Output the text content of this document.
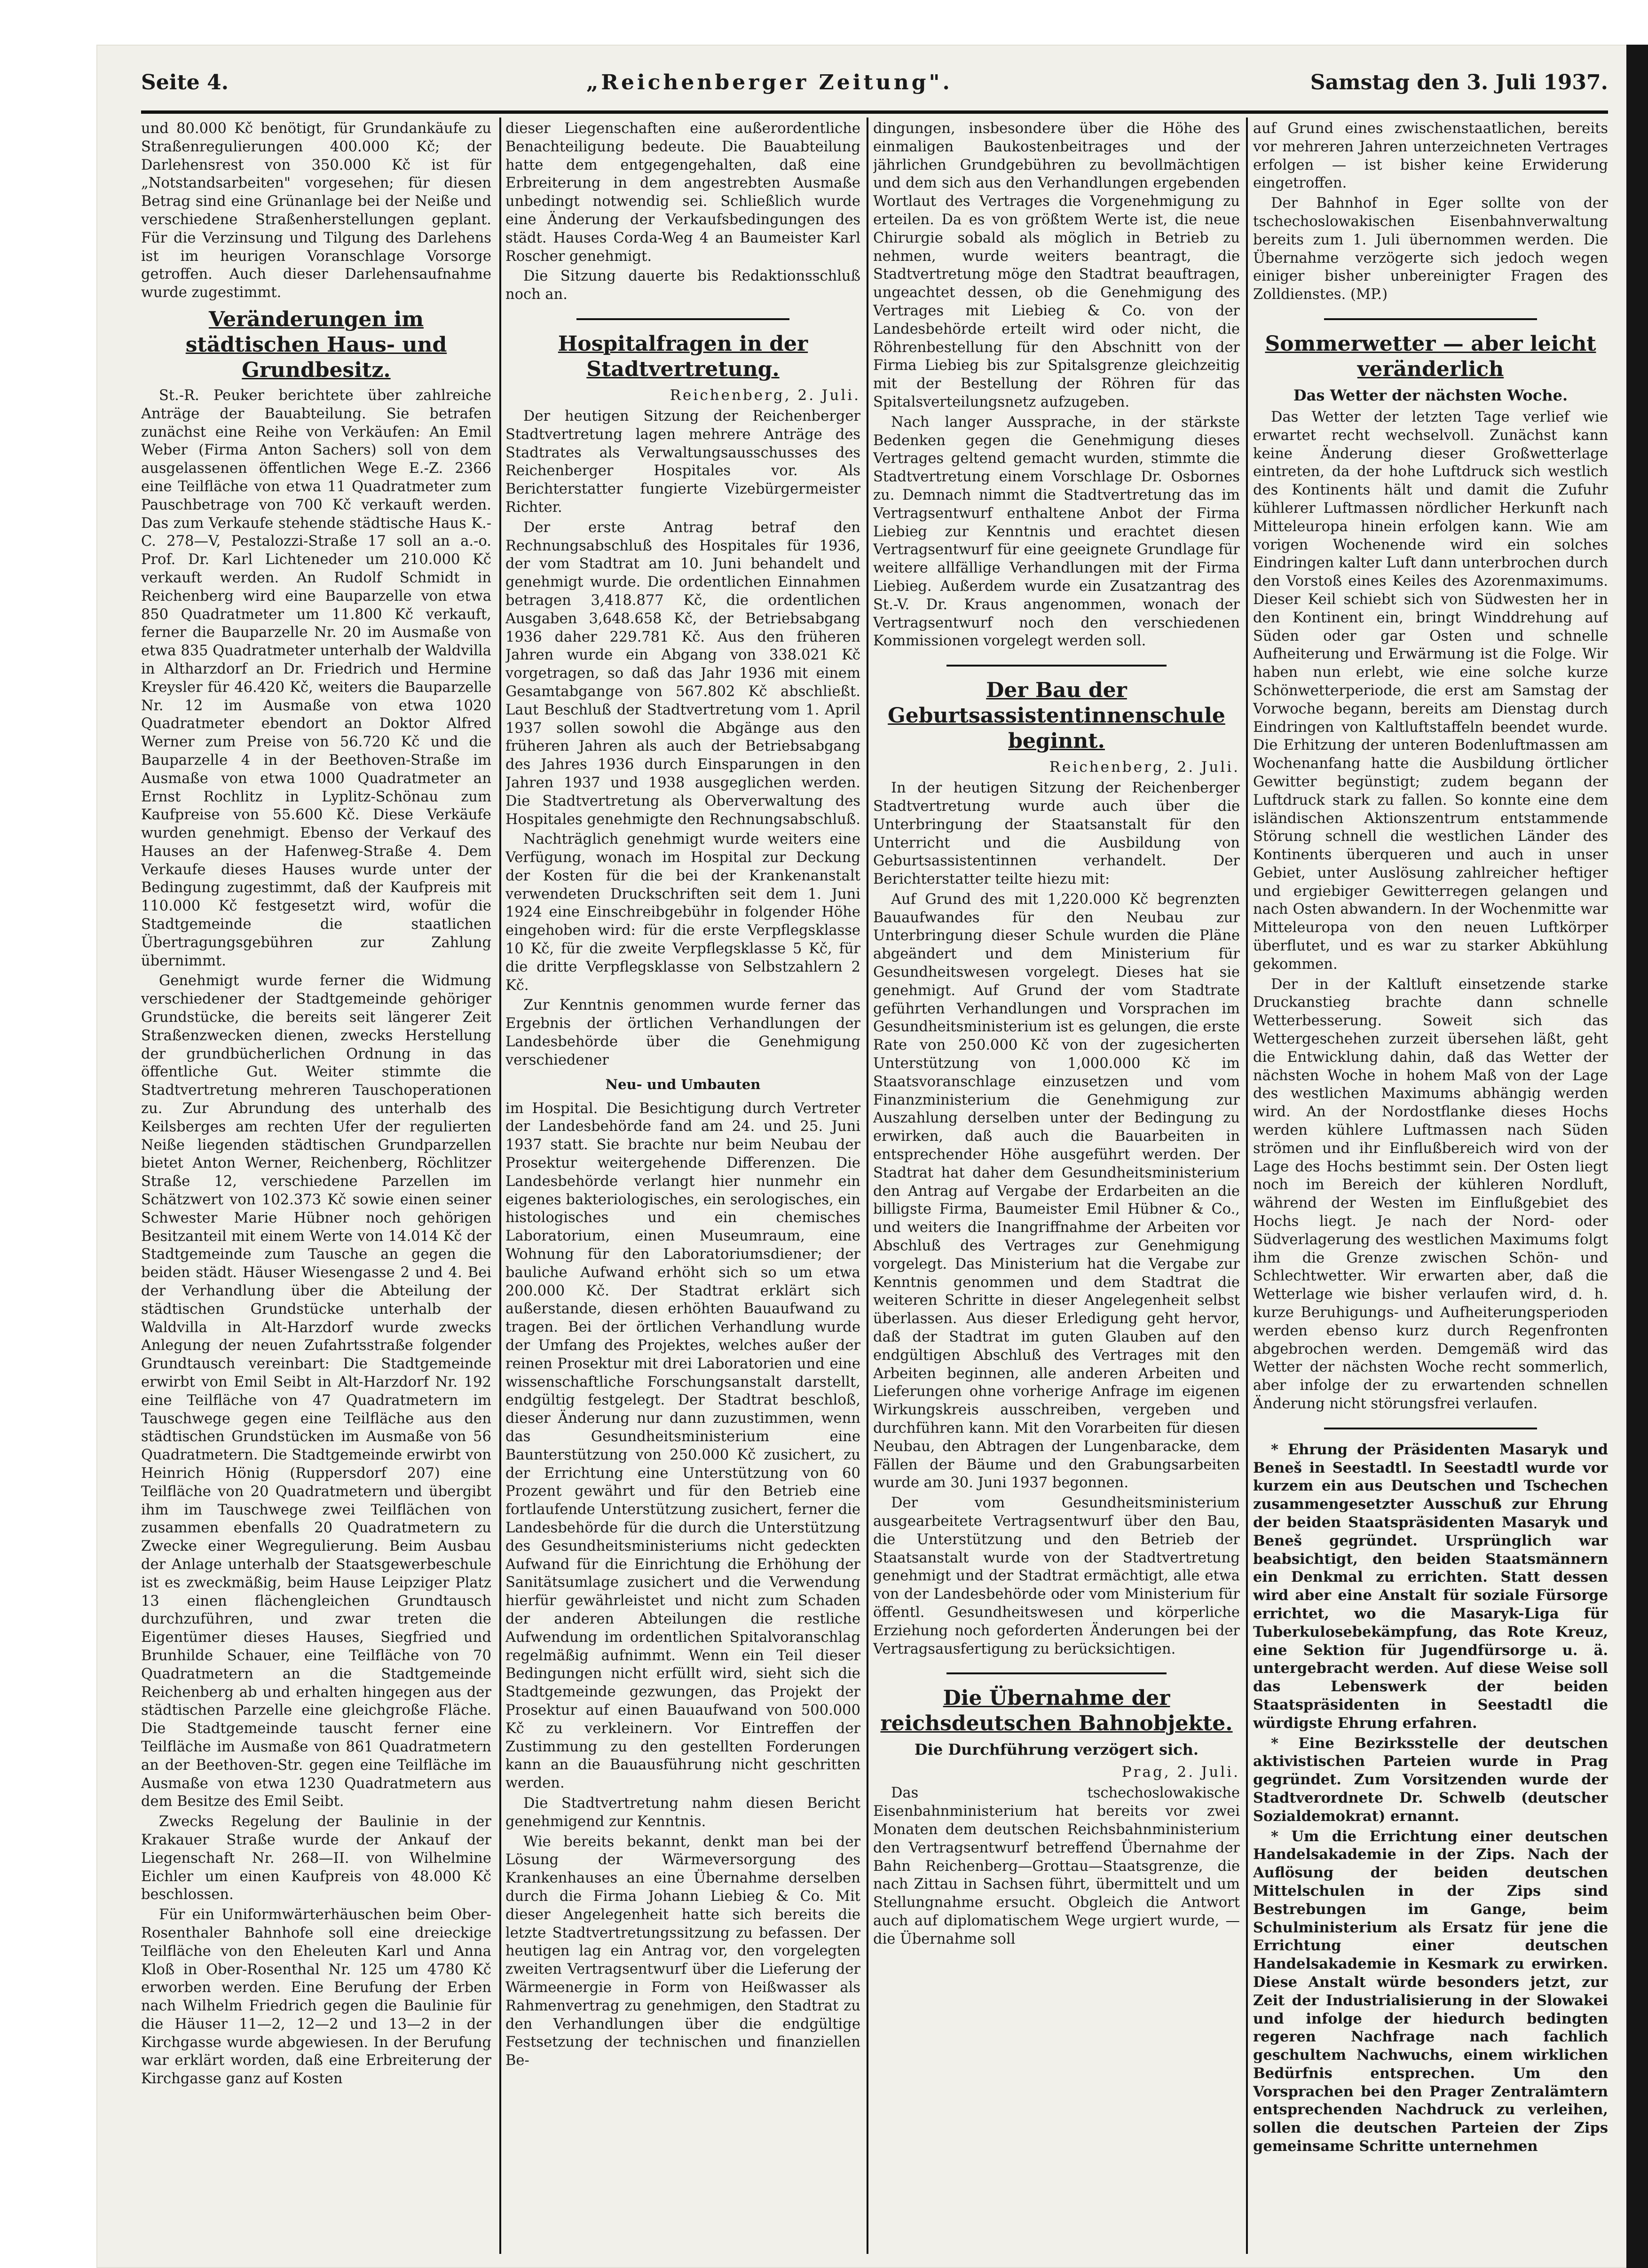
Seite 4.	„Reichenberger Zeitung".	Samstag den 3. Juli 1937.

und 80.000 Kč benötigt, für Grundankäufe zu Straßenregulierungen 400.000 Kč; der Darlehensrest von 350.000 Kč ist für „Notstandsarbeiten" vorgesehen; für diesen Betrag sind eine Grünanlage bei der Neiße und verschiedene Straßenherstellungen geplant. Für die Verzinsung und Tilgung des Darlehens ist im heurigen Voranschlage Vorsorge getroffen. Auch dieser Darlehensaufnahme wurde zugestimmt.

Veränderungen im städtischen Haus- und Grundbesitz.

St.-R. Peuker berichtete über zahlreiche Anträge der Bauabteilung. Sie betrafen zunächst eine Reihe von Verkäufen: An Emil Weber (Firma Anton Sachers) soll von dem ausgelassenen öffentlichen Wege E.-Z. 2366 eine Teilfläche von etwa 11 Quadratmeter zum Pauschbetrage von 700 Kč verkauft werden. Das zum Verkaufe stehende städtische Haus K.-C. 278—V, Pestalozzi-Straße 17 soll an a.-o. Prof. Dr. Karl Lichteneder um 210.000 Kč verkauft werden. An Rudolf Schmidt in Reichenberg wird eine Bauparzelle von etwa 850 Quadratmeter um 11.800 Kč verkauft, ferner die Bauparzelle Nr. 20 im Ausmaße von etwa 835 Quadratmeter unterhalb der Waldvilla in Altharzdorf an Dr. Friedrich und Hermine Kreysler für 46.420 Kč, weiters die Bauparzelle Nr. 12 im Ausmaße von etwa 1020 Quadratmeter ebendort an Doktor Alfred Werner zum Preise von 56.720 Kč und die Bauparzelle 4 in der Beethoven-Straße im Ausmaße von etwa 1000 Quadratmeter an Ernst Rochlitz in Lyplitz-Schönau zum Kaufpreise von 55.600 Kč. Diese Verkäufe wurden genehmigt. Ebenso der Verkauf des Hauses an der Hafenweg-Straße 4. Dem Verkaufe dieses Hauses wurde unter der Bedingung zugestimmt, daß der Kaufpreis mit 110.000 Kč festgesetzt wird, wofür die Stadtgemeinde die staatlichen Übertragungsgebühren zur Zahlung übernimmt.

Genehmigt wurde ferner die Widmung verschiedener der Stadtgemeinde gehöriger Grundstücke, die bereits seit längerer Zeit Straßenzwecken dienen, zwecks Herstellung der grundbücherlichen Ordnung in das öffentliche Gut. Weiter stimmte die Stadtvertretung mehreren Tauschoperationen zu. Zur Abrundung des unterhalb des Keilsberges am rechten Ufer der regulierten Neiße liegenden städtischen Grundparzellen bietet Anton Werner, Reichenberg, Röchlitzer Straße 12, verschiedene Parzellen im Schätzwert von 102.373 Kč sowie einen seiner Schwester Marie Hübner noch gehörigen Besitzanteil mit einem Werte von 14.014 Kč der Stadtgemeinde zum Tausche an gegen die beiden städt. Häuser Wiesengasse 2 und 4. Bei der Verhandlung über die Abteilung der städtischen Grundstücke unterhalb der Waldvilla in Alt-Harzdorf wurde zwecks Anlegung der neuen Zufahrtsstraße folgender Grundtausch vereinbart: Die Stadtgemeinde erwirbt von Emil Seibt in Alt-Harzdorf Nr. 192 eine Teilfläche von 47 Quadratmetern im Tauschwege gegen eine Teilfläche aus den städtischen Grundstücken im Ausmaße von 56 Quadratmetern. Die Stadtgemeinde erwirbt von Heinrich Hönig (Ruppersdorf 207) eine Teilfläche von 20 Quadratmetern und übergibt ihm im Tauschwege zwei Teilflächen von zusammen ebenfalls 20 Quadratmetern zu Zwecke einer Wegregulierung. Beim Ausbau der Anlage unterhalb der Staatsgewerbeschule ist es zweckmäßig, beim Hause Leipziger Platz 13 einen flächengleichen Grundtausch durchzuführen, und zwar treten die Eigentümer dieses Hauses, Siegfried und Brunhilde Schauer, eine Teilfläche von 70 Quadratmetern an die Stadtgemeinde Reichenberg ab und erhalten hingegen aus der städtischen Parzelle eine gleichgroße Fläche. Die Stadtgemeinde tauscht ferner eine Teilfläche im Ausmaße von 861 Quadratmetern an der Beethoven-Str. gegen eine Teilfläche im Ausmaße von etwa 1230 Quadratmetern aus dem Besitze des Emil Seibt.

Zwecks Regelung der Baulinie in der Krakauer Straße wurde der Ankauf der Liegenschaft Nr. 268—II. von Wilhelmine Eichler um einen Kaufpreis von 48.000 Kč beschlossen.

Für ein Uniformwärterhäuschen beim Ober-Rosenthaler Bahnhofe soll eine dreieckige Teilfläche von den Eheleuten Karl und Anna Kloß in Ober-Rosenthal Nr. 125 um 4780 Kč erworben werden. Eine Berufung der Erben nach Wilhelm Friedrich gegen die Baulinie für die Häuser 11—2, 12—2 und 13—2 in der Kirchgasse wurde abgewiesen. In der Berufung war erklärt worden, daß eine Erbreiterung der Kirchgasse ganz auf Kosten

dieser Liegenschaften eine außerordentliche Benachteiligung bedeute. Die Bauabteilung hatte dem entgegengehalten, daß eine Erbreiterung in dem angestrebten Ausmaße unbedingt notwendig sei. Schließlich wurde eine Änderung der Verkaufsbedingungen des städt. Hauses Corda-Weg 4 an Baumeister Karl Roscher genehmigt.

Die Sitzung dauerte bis Redaktionsschluß noch an.

Hospitalfragen in der Stadtvertretung.
Reichenberg, 2. Juli.

Der heutigen Sitzung der Reichenberger Stadtvertretung lagen mehrere Anträge des Stadtrates als Verwaltungsausschusses des Reichenberger Hospitales vor. Als Berichterstatter fungierte Vizebürgermeister Richter.

Der erste Antrag betraf den Rechnungsabschluß des Hospitales für 1936, der vom Stadtrat am 10. Juni behandelt und genehmigt wurde. Die ordentlichen Einnahmen betragen 3,418.877 Kč, die ordentlichen Ausgaben 3,648.658 Kč, der Betriebsabgang 1936 daher 229.781 Kč. Aus den früheren Jahren wurde ein Abgang von 338.021 Kč vorgetragen, so daß das Jahr 1936 mit einem Gesamtabgange von 567.802 Kč abschließt. Laut Beschluß der Stadtvertretung vom 1. April 1937 sollen sowohl die Abgänge aus den früheren Jahren als auch der Betriebsabgang des Jahres 1936 durch Einsparungen in den Jahren 1937 und 1938 ausgeglichen werden. Die Stadtvertretung als Oberverwaltung des Hospitales genehmigte den Rechnungsabschluß.

Nachträglich genehmigt wurde weiters eine Verfügung, wonach im Hospital zur Deckung der Kosten für die bei der Krankenanstalt verwendeten Druckschriften seit dem 1. Juni 1924 eine Einschreibgebühr in folgender Höhe eingehoben wird: für die erste Verpflegsklasse 10 Kč, für die zweite Verpflegsklasse 5 Kč, für die dritte Verpflegsklasse von Selbstzahlern 2 Kč.

Zur Kenntnis genommen wurde ferner das Ergebnis der örtlichen Verhandlungen der Landesbehörde über die Genehmigung verschiedener

Neu- und Umbauten

im Hospital. Die Besichtigung durch Vertreter der Landesbehörde fand am 24. und 25. Juni 1937 statt. Sie brachte nur beim Neubau der Prosektur weitergehende Differenzen. Die Landesbehörde verlangt hier nunmehr ein eigenes bakteriologisches, ein serologisches, ein histologisches und ein chemisches Laboratorium, einen Museumraum, eine Wohnung für den Laboratoriumsdiener; der bauliche Aufwand erhöht sich so um etwa 200.000 Kč. Der Stadtrat erklärt sich außerstande, diesen erhöhten Bauaufwand zu tragen. Bei der örtlichen Verhandlung wurde der Umfang des Projektes, welches außer der reinen Prosektur mit drei Laboratorien und eine wissenschaftliche Forschungsanstalt darstellt, endgültig festgelegt. Der Stadtrat beschloß, dieser Änderung nur dann zuzustimmen, wenn das Gesundheitsministerium eine Baunterstützung von 250.000 Kč zusichert, zu der Errichtung eine Unterstützung von 60 Prozent gewährt und für den Betrieb eine fortlaufende Unterstützung zusichert, ferner die Landesbehörde für die durch die Unterstützung des Gesundheitsministeriums nicht gedeckten Aufwand für die Einrichtung die Erhöhung der Sanitätsumlage zusichert und die Verwendung hierfür gewährleistet und nicht zum Schaden der anderen Abteilungen die restliche Aufwendung im ordentlichen Spitalvoranschlag regelmäßig aufnimmt. Wenn ein Teil dieser Bedingungen nicht erfüllt wird, sieht sich die Stadtgemeinde gezwungen, das Projekt der Prosektur auf einen Bauaufwand von 500.000 Kč zu verkleinern. Vor Eintreffen der Zustimmung zu den gestellten Forderungen kann an die Bauausführung nicht geschritten werden.

Die Stadtvertretung nahm diesen Bericht genehmigend zur Kenntnis.

Wie bereits bekannt, denkt man bei der Lösung der Wärmeversorgung des Krankenhauses an eine Übernahme derselben durch die Firma Johann Liebieg & Co. Mit dieser Angelegenheit hatte sich bereits die letzte Stadtvertretungssitzung zu befassen. Der heutigen lag ein Antrag vor, den vorgelegten zweiten Vertragsentwurf über die Lieferung der Wärmeenergie in Form von Heißwasser als Rahmenvertrag zu genehmigen, den Stadtrat zu den Verhandlungen über die endgültige Festsetzung der technischen und finanziellen Be-

dingungen, insbesondere über die Höhe des einmaligen Baukostenbeitrages und der jährlichen Grundgebühren zu bevollmächtigen und dem sich aus den Verhandlungen ergebenden Wortlaut des Vertrages die Vorgenehmigung zu erteilen. Da es von größtem Werte ist, die neue Chirurgie sobald als möglich in Betrieb zu nehmen, wurde weiters beantragt, die Stadtvertretung möge den Stadtrat beauftragen, ungeachtet dessen, ob die Genehmigung des Vertrages mit Liebieg & Co. von der Landesbehörde erteilt wird oder nicht, die Röhrenbestellung für den Abschnitt von der Firma Liebieg bis zur Spitalsgrenze gleichzeitig mit der Bestellung der Röhren für das Spitalsverteilungsnetz aufzugeben.

Nach langer Aussprache, in der stärkste Bedenken gegen die Genehmigung dieses Vertrages geltend gemacht wurden, stimmte die Stadtvertretung einem Vorschlage Dr. Osbornes zu. Demnach nimmt die Stadtvertretung das im Vertragsentwurf enthaltene Anbot der Firma Liebieg zur Kenntnis und erachtet diesen Vertragsentwurf für eine geeignete Grundlage für weitere allfällige Verhandlungen mit der Firma Liebieg. Außerdem wurde ein Zusatzantrag des St.-V. Dr. Kraus angenommen, wonach der Vertragsentwurf noch den verschiedenen Kommissionen vorgelegt werden soll.

Der Bau der Geburtsassistentinnenschule beginnt.
Reichenberg, 2. Juli.

In der heutigen Sitzung der Reichenberger Stadtvertretung wurde auch über die Unterbringung der Staatsanstalt für den Unterricht und die Ausbildung von Geburtsassistentinnen verhandelt. Der Berichterstatter teilte hiezu mit:

Auf Grund des mit 1,220.000 Kč begrenzten Bauaufwandes für den Neubau zur Unterbringung dieser Schule wurden die Pläne abgeändert und dem Ministerium für Gesundheitswesen vorgelegt. Dieses hat sie genehmigt. Auf Grund der vom Stadtrate geführten Verhandlungen und Vorsprachen im Gesundheitsministerium ist es gelungen, die erste Rate von 250.000 Kč von der zugesicherten Unterstützung von 1,000.000 Kč im Staatsvoranschlage einzusetzen und vom Finanzministerium die Genehmigung zur Auszahlung derselben unter der Bedingung zu erwirken, daß auch die Bauarbeiten in entsprechender Höhe ausgeführt werden. Der Stadtrat hat daher dem Gesundheitsministerium den Antrag auf Vergabe der Erdarbeiten an die billigste Firma, Baumeister Emil Hübner & Co., und weiters die Inangriffnahme der Arbeiten vor Abschluß des Vertrages zur Genehmigung vorgelegt. Das Ministerium hat die Vergabe zur Kenntnis genommen und dem Stadtrat die weiteren Schritte in dieser Angelegenheit selbst überlassen. Aus dieser Erledigung geht hervor, daß der Stadtrat im guten Glauben auf den endgültigen Abschluß des Vertrages mit den Arbeiten beginnen, alle anderen Arbeiten und Lieferungen ohne vorherige Anfrage im eigenen Wirkungskreis ausschreiben, vergeben und durchführen kann. Mit den Vorarbeiten für diesen Neubau, den Abtragen der Lungenbaracke, dem Fällen der Bäume und den Grabungsarbeiten wurde am 30. Juni 1937 begonnen.

Der vom Gesundheitsministerium ausgearbeitete Vertragsentwurf über den Bau, die Unterstützung und den Betrieb der Staatsanstalt wurde von der Stadtvertretung genehmigt und der Stadtrat ermächtigt, alle etwa von der Landesbehörde oder vom Ministerium für öffentl. Gesundheitswesen und körperliche Erziehung noch geforderten Änderungen bei der Vertragsausfertigung zu berücksichtigen.

Die Übernahme der reichsdeutschen Bahnobjekte.
Die Durchführung verzögert sich.
Prag, 2. Juli.

Das tschechoslowakische Eisenbahnministerium hat bereits vor zwei Monaten dem deutschen Reichsbahnministerium den Vertragsentwurf betreffend Übernahme der Bahn Reichenberg—Grottau—Staatsgrenze, die nach Zittau in Sachsen führt, übermittelt und um Stellungnahme ersucht. Obgleich die Antwort auch auf diplomatischem Wege urgiert wurde, — die Übernahme soll

auf Grund eines zwischenstaatlichen, bereits vor mehreren Jahren unterzeichneten Vertrages erfolgen — ist bisher keine Erwiderung eingetroffen.

Der Bahnhof in Eger sollte von der tschechoslowakischen Eisenbahnverwaltung bereits zum 1. Juli übernommen werden. Die Übernahme verzögerte sich jedoch wegen einiger bisher unbereinigter Fragen des Zolldienstes. (MP.)

Sommerwetter — aber leicht veränderlich
Das Wetter der nächsten Woche.

Das Wetter der letzten Tage verlief wie erwartet recht wechselvoll. Zunächst kann keine Änderung dieser Großwetterlage eintreten, da der hohe Luftdruck sich westlich des Kontinents hält und damit die Zufuhr kühlerer Luftmassen nördlicher Herkunft nach Mitteleuropa hinein erfolgen kann. Wie am vorigen Wochenende wird ein solches Eindringen kalter Luft dann unterbrochen durch den Vorstoß eines Keiles des Azorenmaximums. Dieser Keil schiebt sich von Südwesten her in den Kontinent ein, bringt Winddrehung auf Süden oder gar Osten und schnelle Aufheiterung und Erwärmung ist die Folge. Wir haben nun erlebt, wie eine solche kurze Schönwetterperiode, die erst am Samstag der Vorwoche begann, bereits am Dienstag durch Eindringen von Kaltluftstaffeln beendet wurde. Die Erhitzung der unteren Bodenluftmassen am Wochenanfang hatte die Ausbildung örtlicher Gewitter begünstigt; zudem begann der Luftdruck stark zu fallen. So konnte eine dem isländischen Aktionszentrum entstammende Störung schnell die westlichen Länder des Kontinents überqueren und auch in unser Gebiet, unter Auslösung zahlreicher heftiger und ergiebiger Gewitterregen gelangen und nach Osten abwandern. In der Wochenmitte war Mitteleuropa von den neuen Luftkörper überflutet, und es war zu starker Abkühlung gekommen.

Der in der Kaltluft einsetzende starke Druckanstieg brachte dann schnelle Wetterbesserung. Soweit sich das Wettergeschehen zurzeit übersehen läßt, geht die Entwicklung dahin, daß das Wetter der nächsten Woche in hohem Maß von der Lage des westlichen Maximums abhängig werden wird. An der Nordostflanke dieses Hochs werden kühlere Luftmassen nach Süden strömen und ihr Einflußbereich wird von der Lage des Hochs bestimmt sein. Der Osten liegt noch im Bereich der kühleren Nordluft, während der Westen im Einflußgebiet des Hochs liegt. Je nach der Nord- oder Südverlagerung des westlichen Maximums folgt ihm die Grenze zwischen Schön- und Schlechtwetter. Wir erwarten aber, daß die Wetterlage wie bisher verlaufen wird, d. h. kurze Beruhigungs- und Aufheiterungsperioden werden ebenso kurz durch Regenfronten abgebrochen werden. Demgemäß wird das Wetter der nächsten Woche recht sommerlich, aber infolge der zu erwartenden schnellen Änderung nicht störungsfrei verlaufen.

* Ehrung der Präsidenten Masaryk und Beneš in Seestadtl. In Seestadtl wurde vor kurzem ein aus Deutschen und Tschechen zusammengesetzter Ausschuß zur Ehrung der beiden Staatspräsidenten Masaryk und Beneš gegründet. Ursprünglich war beabsichtigt, den beiden Staatsmännern ein Denkmal zu errichten. Statt dessen wird aber eine Anstalt für soziale Fürsorge errichtet, wo die Masaryk-Liga für Tuberkulosebekämpfung, das Rote Kreuz, eine Sektion für Jugendfürsorge u. ä. untergebracht werden. Auf diese Weise soll das Lebenswerk der beiden Staatspräsidenten in Seestadtl die würdigste Ehrung erfahren.

* Eine Bezirksstelle der deutschen aktivistischen Parteien wurde in Prag gegründet. Zum Vorsitzenden wurde der Stadtverordnete Dr. Schwelb (deutscher Sozialdemokrat) ernannt.

* Um die Errichtung einer deutschen Handelsakademie in der Zips. Nach der Auflösung der beiden deutschen Mittelschulen in der Zips sind Bestrebungen im Gange, beim Schulministerium als Ersatz für jene die Errichtung einer deutschen Handelsakademie in Kesmark zu erwirken. Diese Anstalt würde besonders jetzt, zur Zeit der Industrialisierung in der Slowakei und infolge der hiedurch bedingten regeren Nachfrage nach fachlich geschultem Nachwuchs, einem wirklichen Bedürfnis entsprechen. Um den Vorsprachen bei den Prager Zentralämtern entsprechenden Nachdruck zu verleihen, sollen die deutschen Parteien der Zips gemeinsame Schritte unternehmen
